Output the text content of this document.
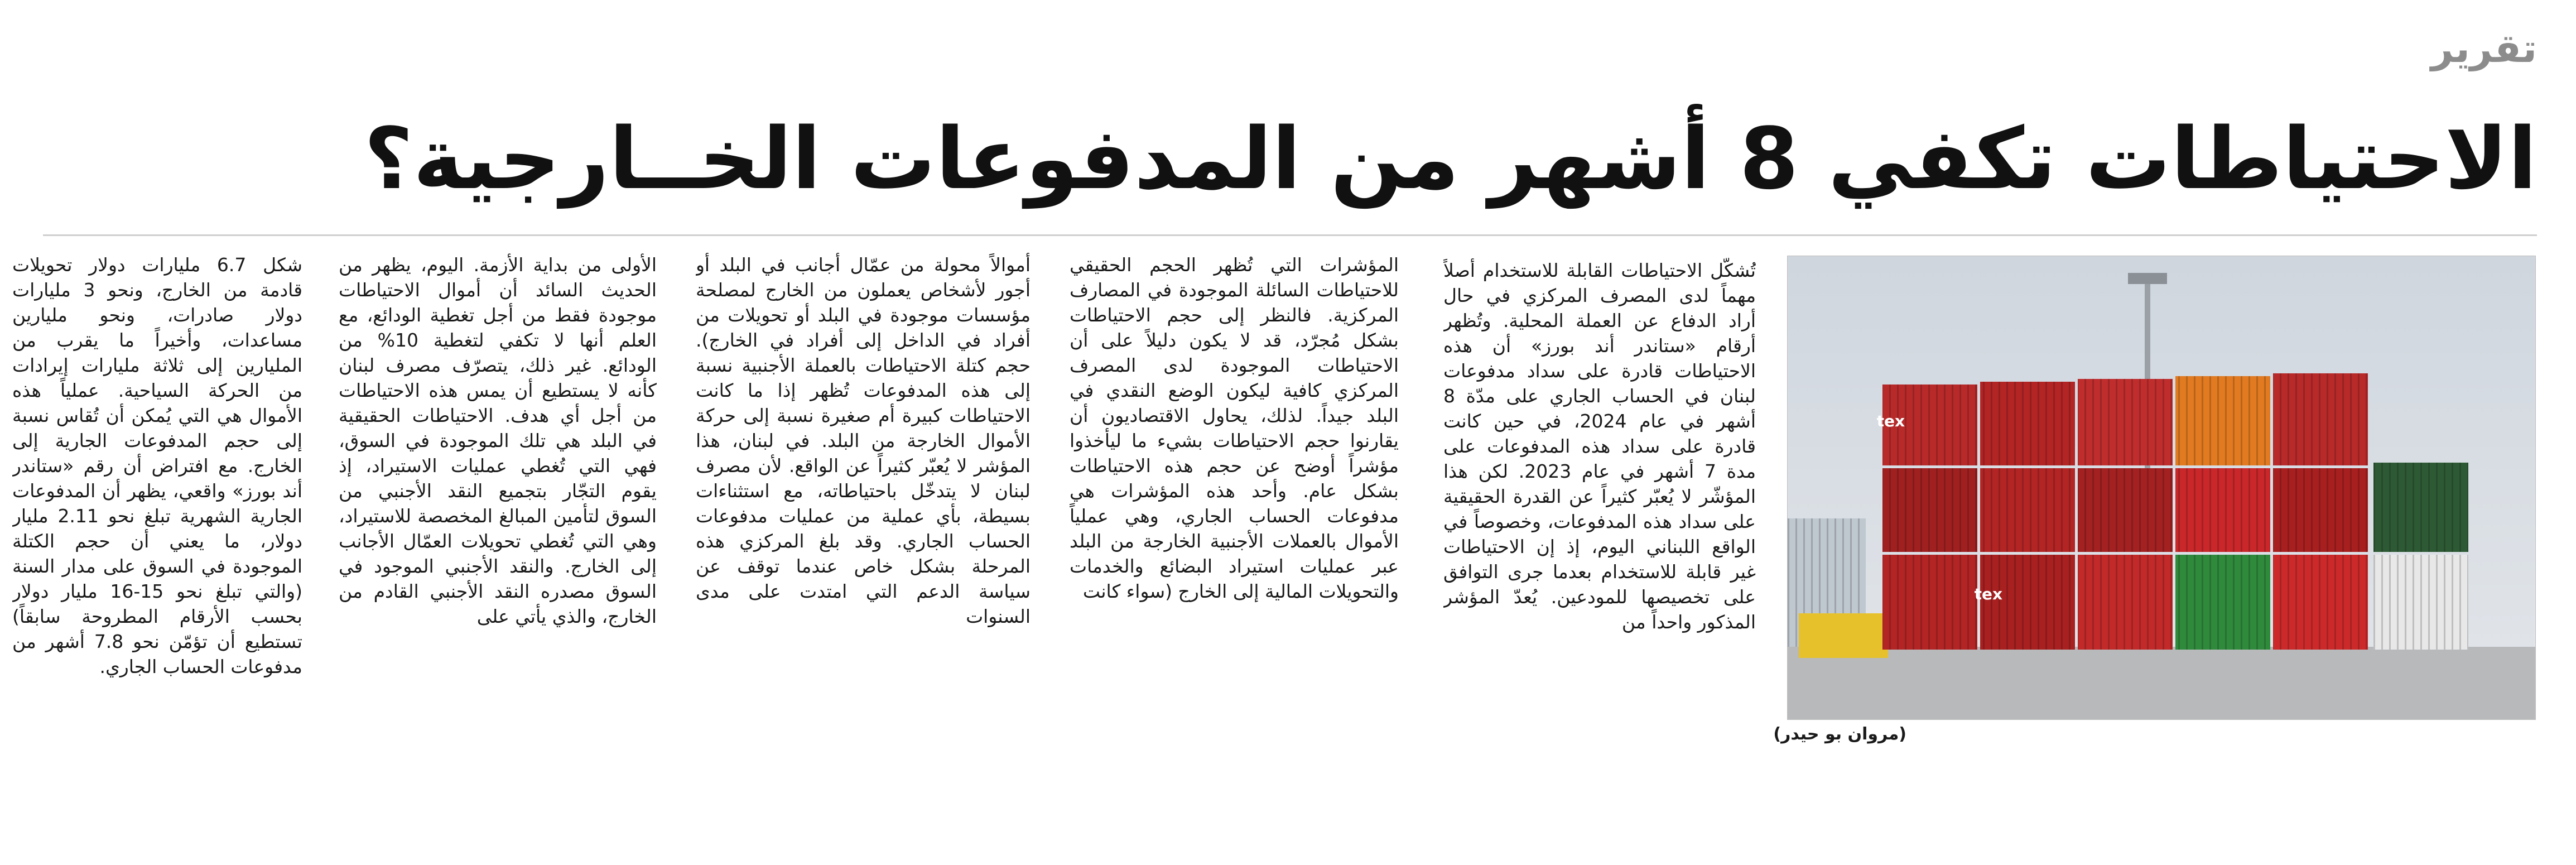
تقرير
الاحتياطات تكفي 8 أشهر من المدفوعات الخــارجية؟
tex
tex
(مروان بو حيدر)

تُشكّل الاحتياطات القابلة للاستخدام أصلاً مهماً لدى المصرف المركزي في حال أراد الدفاع عن العملة المحلية. وتُظهر أرقام «ستاندر أند بورز» أن هذه الاحتياطات قادرة على سداد مدفوعات لبنان في الحساب الجاري على مدّة 8 أشهر في عام 2024، في حين كانت قادرة على سداد هذه المدفوعات على مدة 7 أشهر في عام 2023. لكن هذا المؤشّر لا يُعبّر كثيراً عن القدرة الحقيقية على سداد هذه المدفوعات، وخصوصاً في الواقع اللبناني اليوم، إذ إن الاحتياطات غير قابلة للاستخدام بعدما جرى التوافق على تخصيصها للمودعين. يُعدّ المؤشر المذكور واحداً من

المؤشرات التي تُظهر الحجم الحقيقي للاحتياطات السائلة الموجودة في المصارف المركزية. فالنظر إلى حجم الاحتياطات بشكل مُجرّد، قد لا يكون دليلاً على أن الاحتياطات الموجودة لدى المصرف المركزي كافية ليكون الوضع النقدي في البلد جيداً. لذلك، يحاول الاقتصاديون أن يقارنوا حجم الاحتياطات بشيء ما ليأخذوا مؤشراً أوضح عن حجم هذه الاحتياطات بشكل عام. وأحد هذه المؤشرات هي مدفوعات الحساب الجاري، وهي عملياً الأموال بالعملات الأجنبية الخارجة من البلد عبر عمليات استيراد البضائع والخدمات والتحويلات المالية إلى الخارج (سواء كانت

أموالاً محولة من عمّال أجانب في البلد أو أجور لأشخاص يعملون من الخارج لمصلحة مؤسسات موجودة في البلد أو تحويلات من أفراد في الداخل إلى أفراد في الخارج). حجم كتلة الاحتياطات بالعملة الأجنبية نسبة إلى هذه المدفوعات تُظهر إذا ما كانت الاحتياطات كبيرة أم صغيرة نسبة إلى حركة الأموال الخارجة من البلد. في لبنان، هذا المؤشر لا يُعبّر كثيراً عن الواقع. لأن مصرف لبنان لا يتدخّل باحتياطاته، مع استثناءات بسيطة، بأي عملية من عمليات مدفوعات الحساب الجاري. وقد بلغ المركزي هذه المرحلة بشكل خاص عندما توقف عن سياسة الدعم التي امتدت على مدى السنوات

الأولى من بداية الأزمة. اليوم، يظهر من الحديث السائد أن أموال الاحتياطات موجودة فقط من أجل تغطية الودائع، مع العلم أنها لا تكفي لتغطية 10% من الودائع. غير ذلك، يتصرّف مصرف لبنان كأنه لا يستطيع أن يمس هذه الاحتياطات من أجل أي هدف. الاحتياطات الحقيقية في البلد هي تلك الموجودة في السوق، فهي التي تُغطي عمليات الاستيراد، إذ يقوم التجّار بتجميع النقد الأجنبي من السوق لتأمين المبالغ المخصصة للاستيراد، وهي التي تُغطي تحويلات العمّال الأجانب إلى الخارج. والنقد الأجنبي الموجود في السوق مصدره النقد الأجنبي القادم من الخارج، والذي يأتي على

شكل 6.7 مليارات دولار تحويلات قادمة من الخارج، ونحو 3 مليارات دولار صادرات، ونحو مليارين مساعدات، وأخيراً ما يقرب من المليارين إلى ثلاثة مليارات إيرادات من الحركة السياحية. عملياً هذه الأموال هي التي يُمكن أن تُقاس نسبة إلى حجم المدفوعات الجارية إلى الخارج. مع افتراض أن رقم «ستاندر أند بورز» واقعي، يظهر أن المدفوعات الجارية الشهرية تبلغ نحو 2.11 مليار دولار، ما يعني أن حجم الكتلة الموجودة في السوق على مدار السنة (والتي تبلغ نحو 15-16 مليار دولار بحسب الأرقام المطروحة سابقاً) تستطيع أن تؤمّن نحو 7.8 أشهر من مدفوعات الحساب الجاري.
